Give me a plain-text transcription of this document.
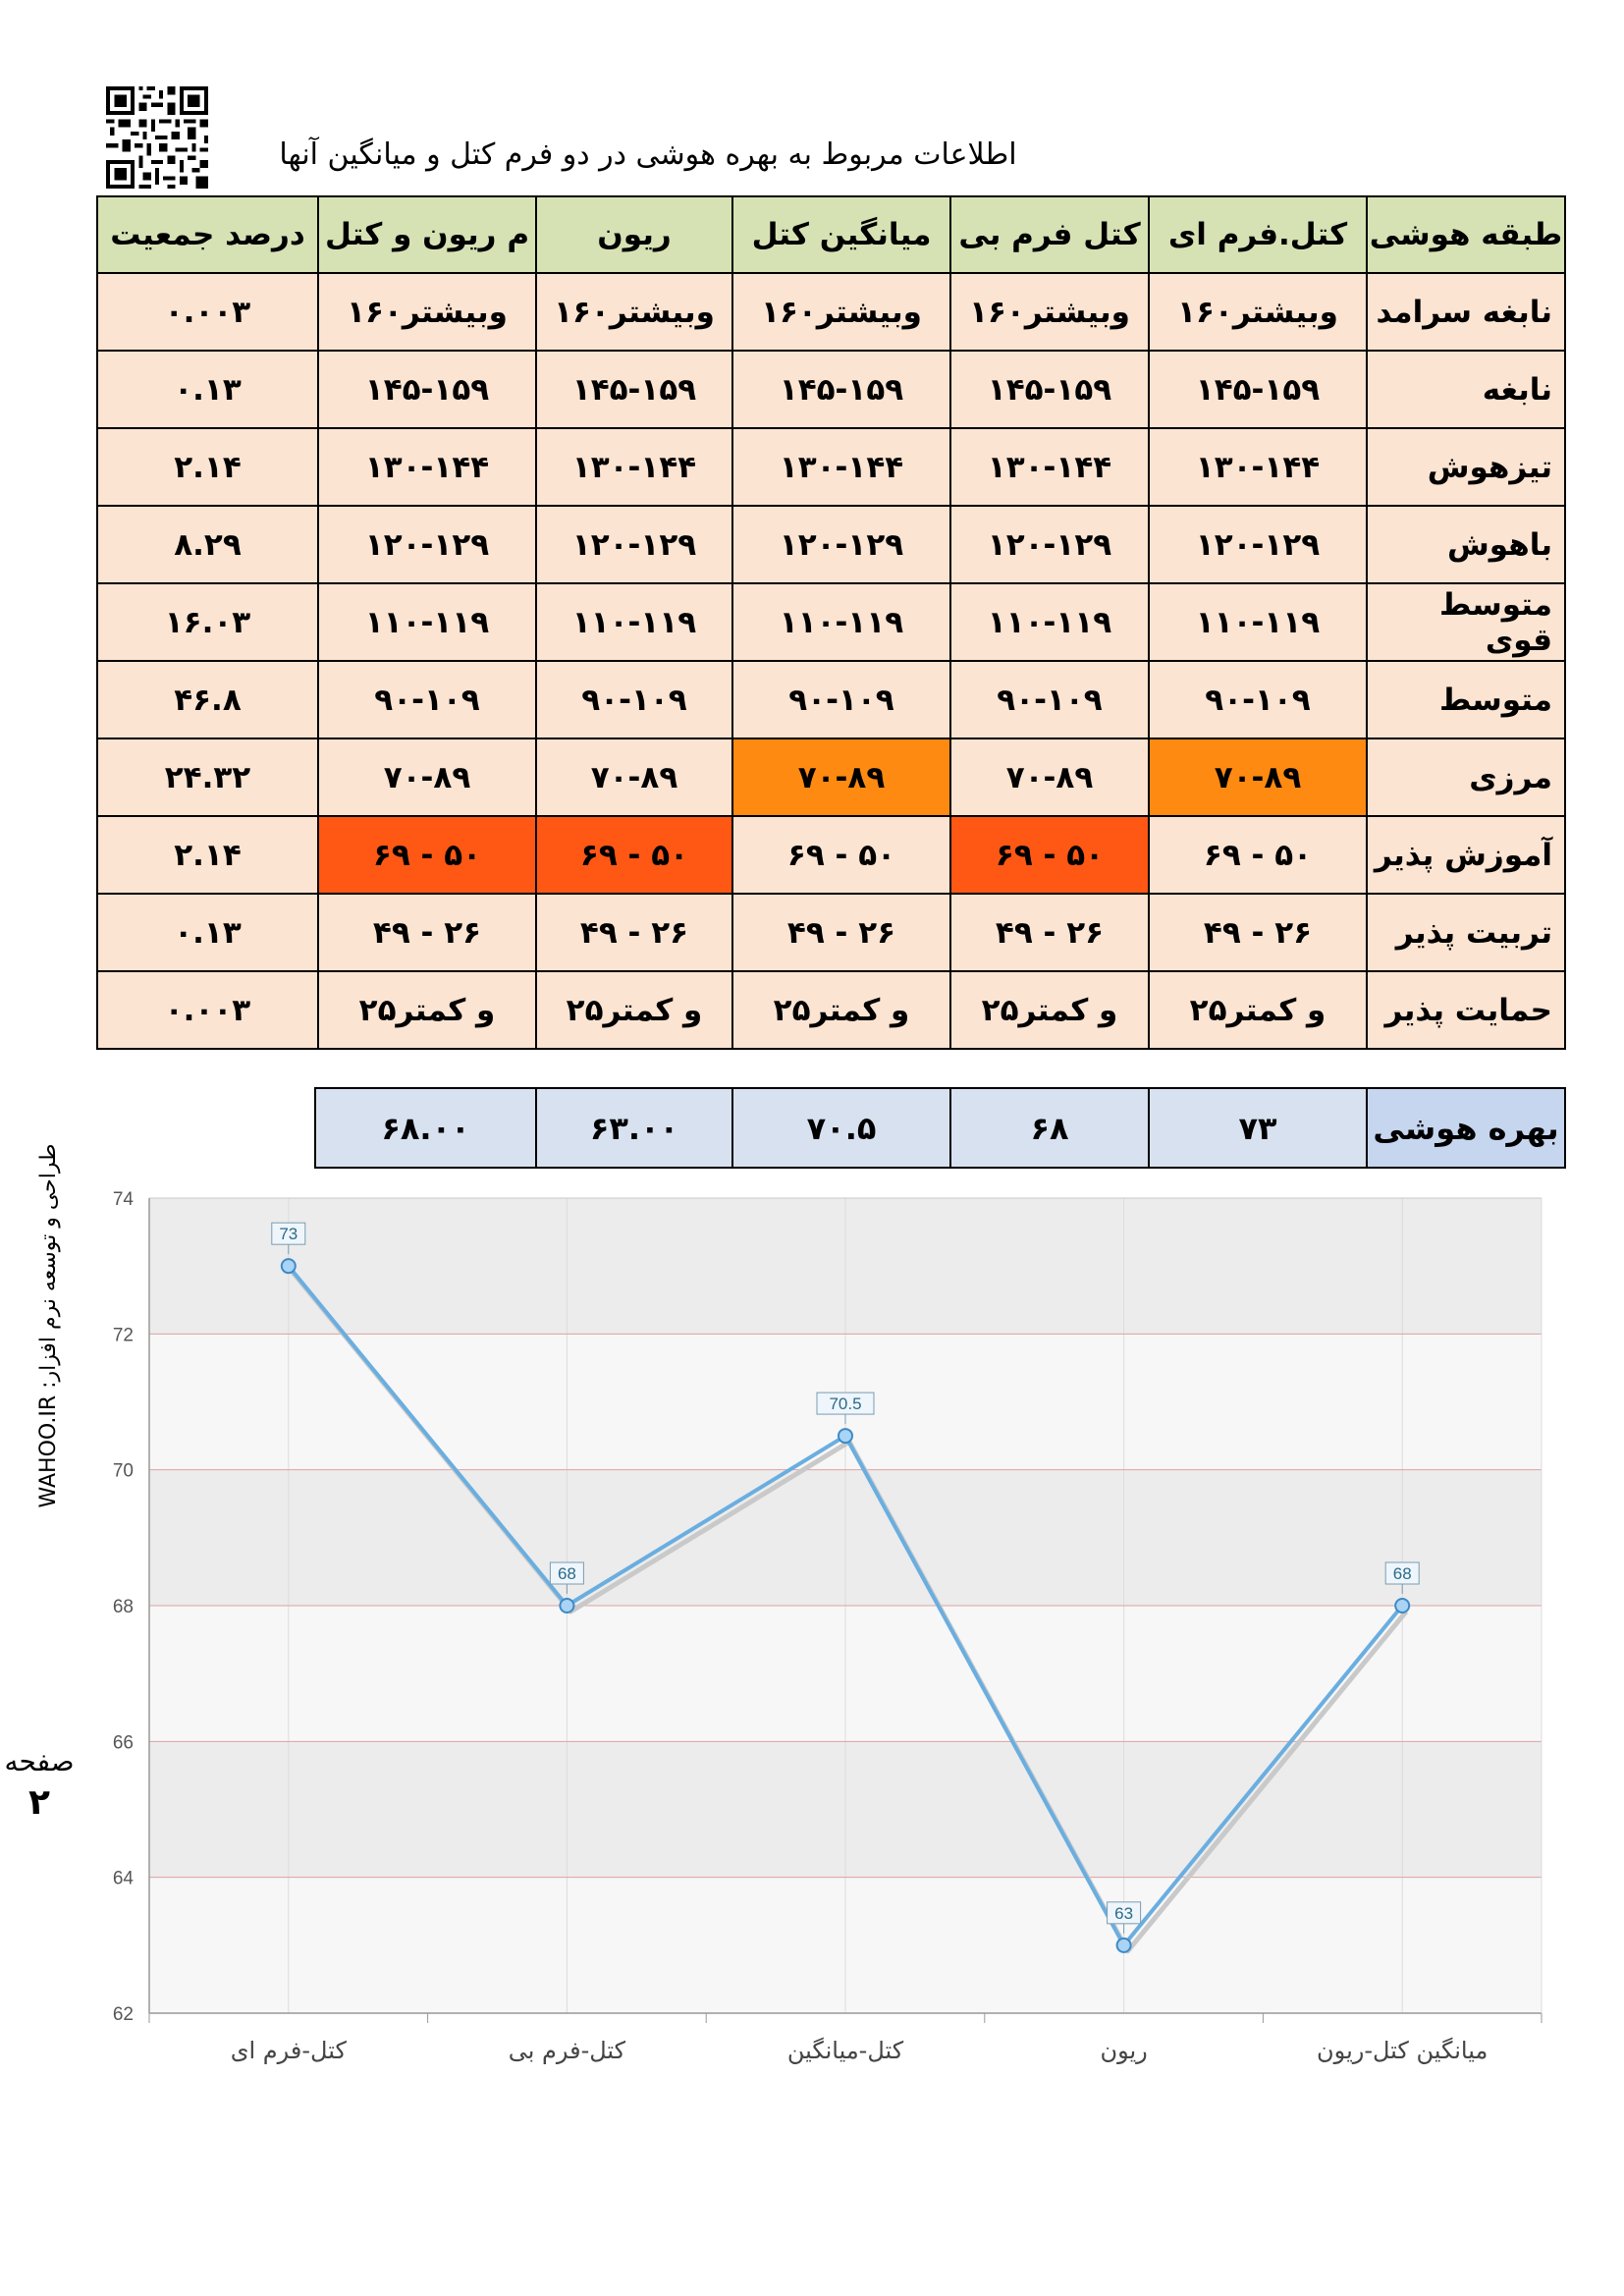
اطلاعات مربوط به بهره هوشی در دو فرم کتل و میانگین آنها
طبقه هوشی	کتل.فرم ای	کتل فرم بی	میانگین کتل	ریون	م ریون و کتل	درصد جمعیت
نابغه سرامد	وبیشتر۱۶۰	وبیشتر۱۶۰	وبیشتر۱۶۰	وبیشتر۱۶۰	وبیشتر۱۶۰	۰.۰۰۳
نابغه	۱۴۵-۱۵۹	۱۴۵-۱۵۹	۱۴۵-۱۵۹	۱۴۵-۱۵۹	۱۴۵-۱۵۹	۰.۱۳
تیزهوش	۱۳۰-۱۴۴	۱۳۰-۱۴۴	۱۳۰-۱۴۴	۱۳۰-۱۴۴	۱۳۰-۱۴۴	۲.۱۴
باهوش	۱۲۰-۱۲۹	۱۲۰-۱۲۹	۱۲۰-۱۲۹	۱۲۰-۱۲۹	۱۲۰-۱۲۹	۸.۲۹
متوسط قوی	۱۱۰-۱۱۹	۱۱۰-۱۱۹	۱۱۰-۱۱۹	۱۱۰-۱۱۹	۱۱۰-۱۱۹	۱۶.۰۳
متوسط	۹۰-۱۰۹	۹۰-۱۰۹	۹۰-۱۰۹	۹۰-۱۰۹	۹۰-۱۰۹	۴۶.۸
مرزی	۷۰-۸۹	۷۰-۸۹	۷۰-۸۹	۷۰-۸۹	۷۰-۸۹	۲۴.۳۲
آموزش پذیر	۵۰ - ۶۹	۵۰ - ۶۹	۵۰ - ۶۹	۵۰ - ۶۹	۵۰ - ۶۹	۲.۱۴
تربیت پذیر	۲۶ - ۴۹	۲۶ - ۴۹	۲۶ - ۴۹	۲۶ - ۴۹	۲۶ - ۴۹	۰.۱۳
حمایت پذیر	و کمتر۲۵	و کمتر۲۵	و کمتر۲۵	و کمتر۲۵	و کمتر۲۵	۰.۰۰۳
بهره هوشی	۷۳	۶۸	۷۰.۵	۶۳.۰۰	۶۸.۰۰
طراحی و توسعه نرم افزار: WAHOO.IR
صفحه
۲
62
64
66
68
70
72
74
کتل-فرم ای	کتل-فرم بی	کتل-میانگین	ریون	میانگین کتل-ریون
73
68
70.5
63
68
